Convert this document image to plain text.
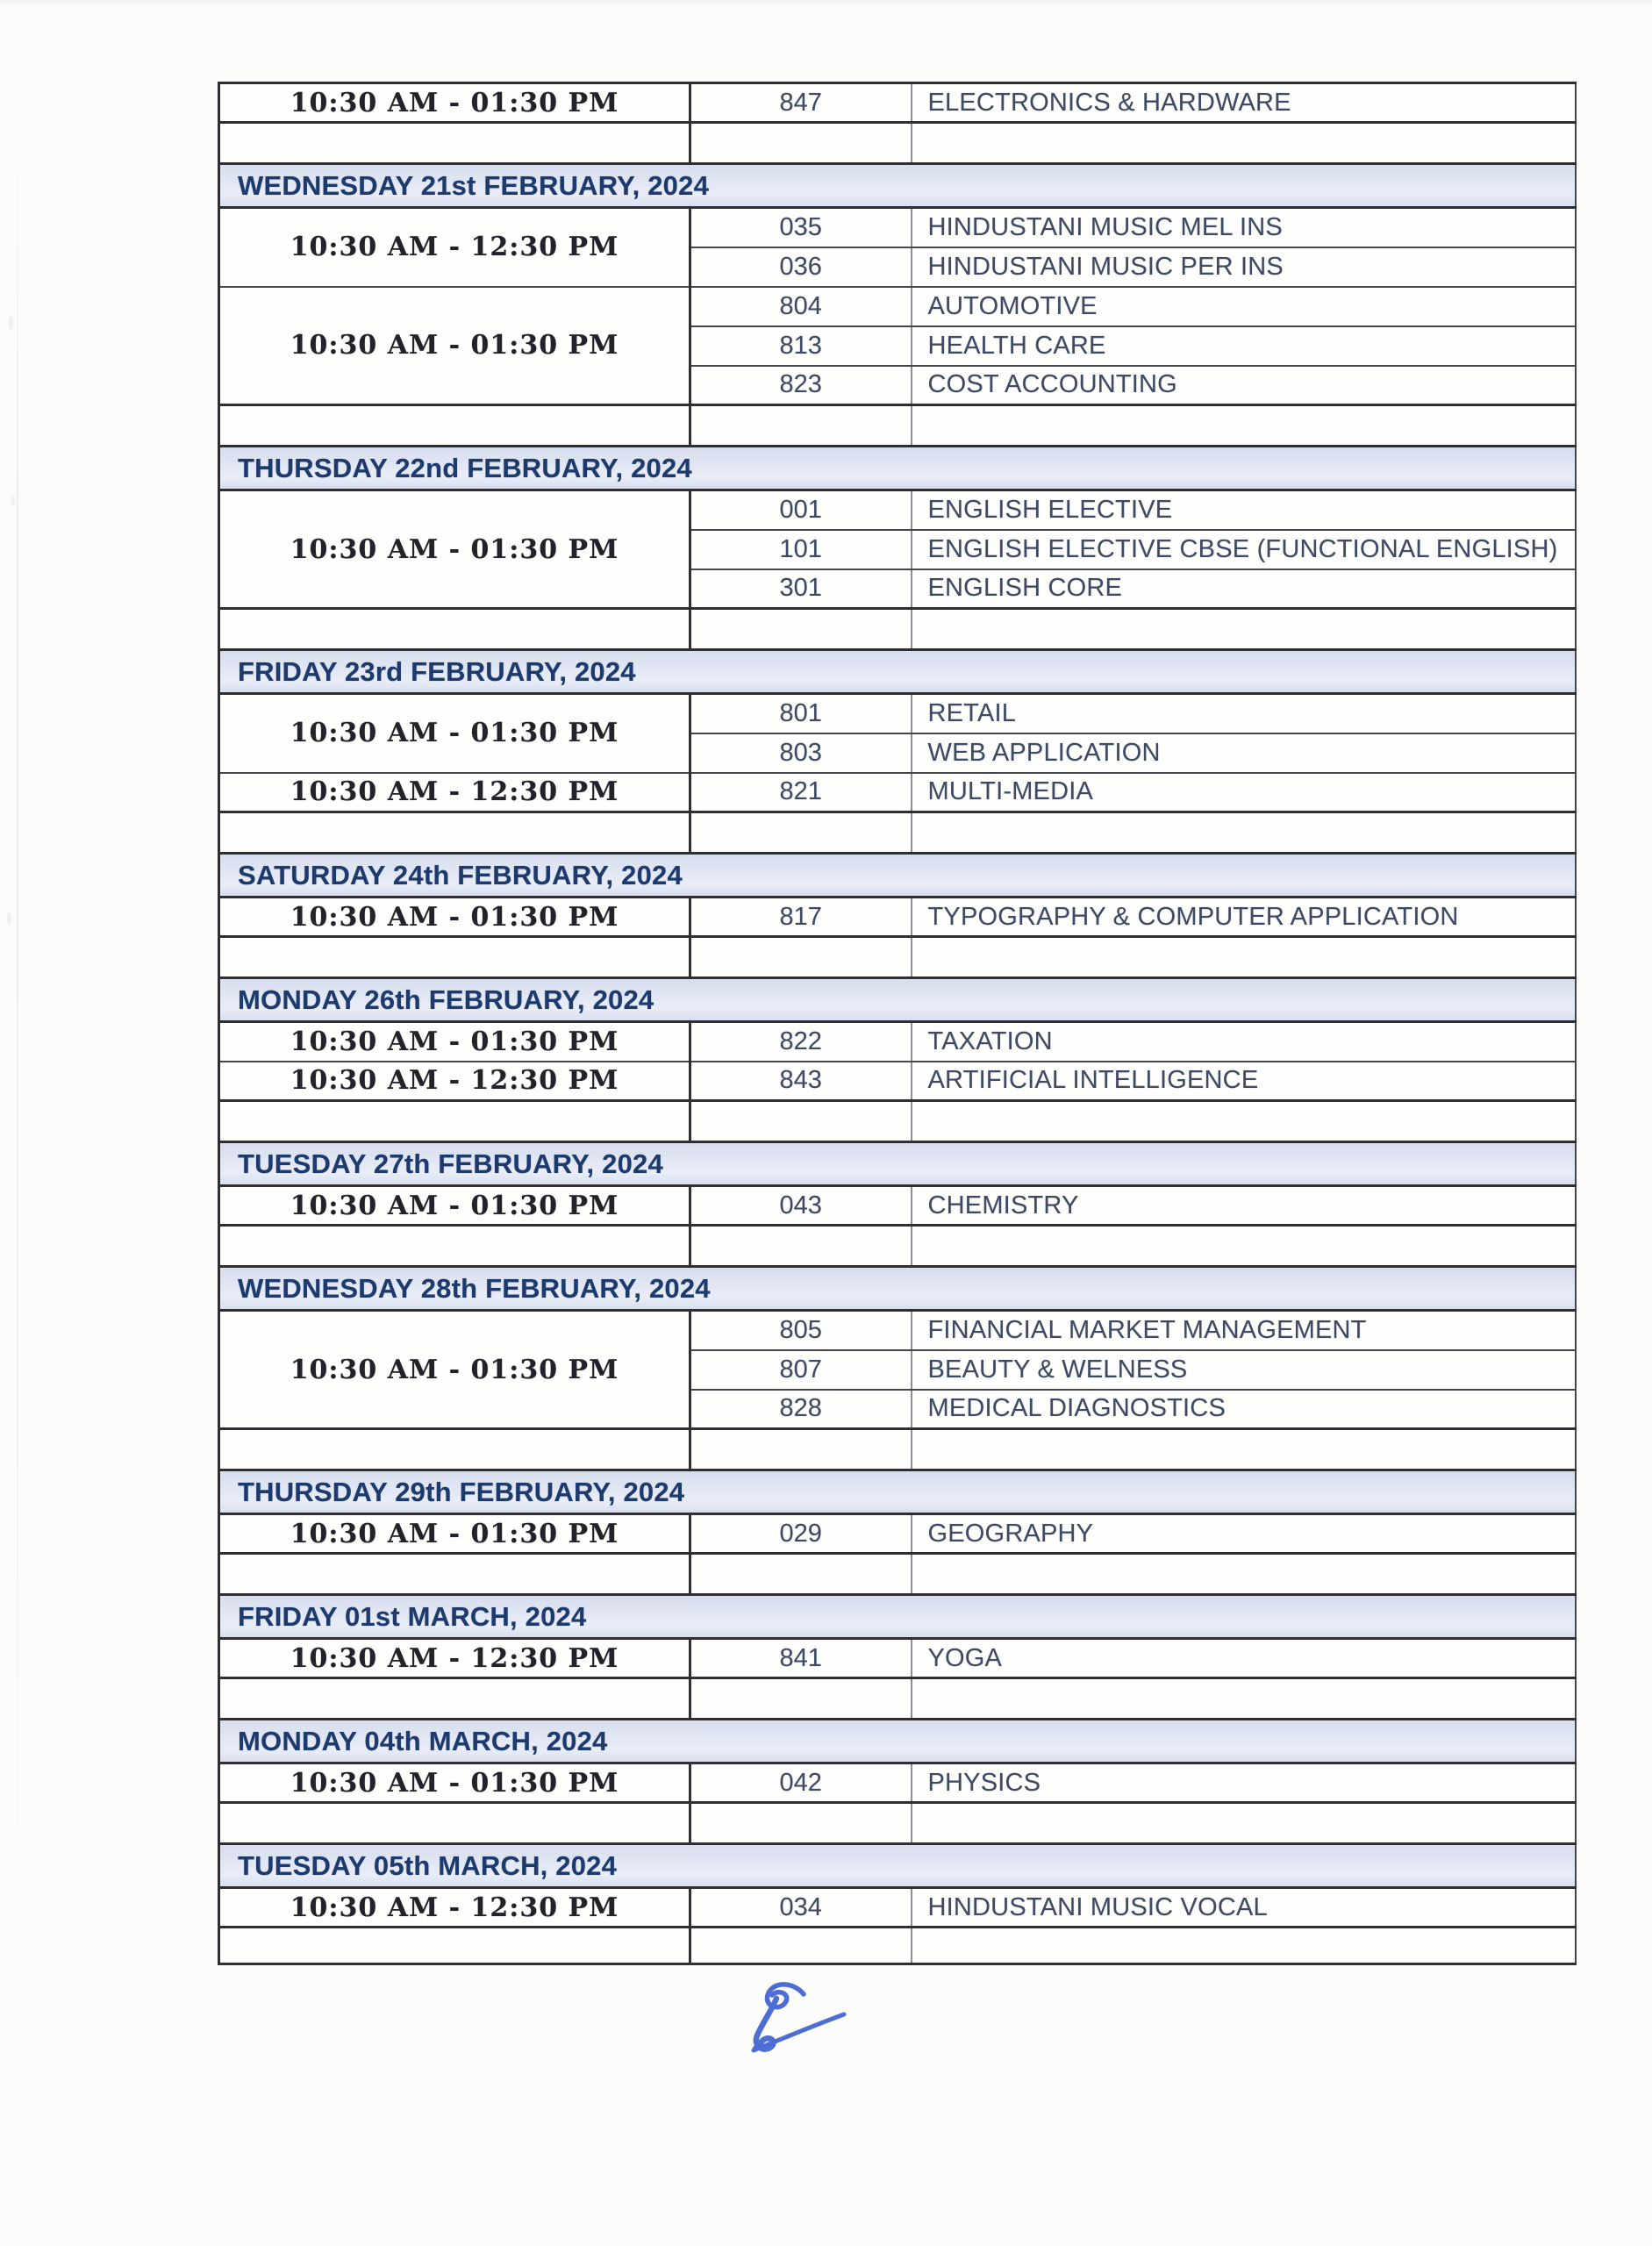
10:30 AM - 01:30 PM	847	ELECTRONICS & HARDWARE

WEDNESDAY 21st FEBRUARY, 2024		
10:30 AM - 12:30 PM	035	HINDUSTANI MUSIC MEL INS
	036	HINDUSTANI MUSIC PER INS
10:30 AM - 01:30 PM	804	AUTOMOTIVE
	813	HEALTH CARE
	823	COST ACCOUNTING

THURSDAY 22nd FEBRUARY, 2024		
10:30 AM - 01:30 PM	001	ENGLISH ELECTIVE
	101	ENGLISH ELECTIVE CBSE (FUNCTIONAL ENGLISH)
	301	ENGLISH CORE

FRIDAY 23rd FEBRUARY, 2024		
10:30 AM - 01:30 PM	801	RETAIL
	803	WEB APPLICATION
10:30 AM - 12:30 PM	821	MULTI-MEDIA

SATURDAY 24th FEBRUARY, 2024		
10:30 AM - 01:30 PM	817	TYPOGRAPHY & COMPUTER APPLICATION

MONDAY 26th FEBRUARY, 2024		
10:30 AM - 01:30 PM	822	TAXATION
10:30 AM - 12:30 PM	843	ARTIFICIAL INTELLIGENCE

TUESDAY 27th FEBRUARY, 2024		
10:30 AM - 01:30 PM	043	CHEMISTRY

WEDNESDAY 28th FEBRUARY, 2024		
10:30 AM - 01:30 PM	805	FINANCIAL MARKET MANAGEMENT
	807	BEAUTY & WELNESS
	828	MEDICAL DIAGNOSTICS

THURSDAY 29th FEBRUARY, 2024		
10:30 AM - 01:30 PM	029	GEOGRAPHY

FRIDAY 01st MARCH, 2024		
10:30 AM - 12:30 PM	841	YOGA

MONDAY 04th MARCH, 2024		
10:30 AM - 01:30 PM	042	PHYSICS

TUESDAY 05th MARCH, 2024		
10:30 AM - 12:30 PM	034	HINDUSTANI MUSIC VOCAL
